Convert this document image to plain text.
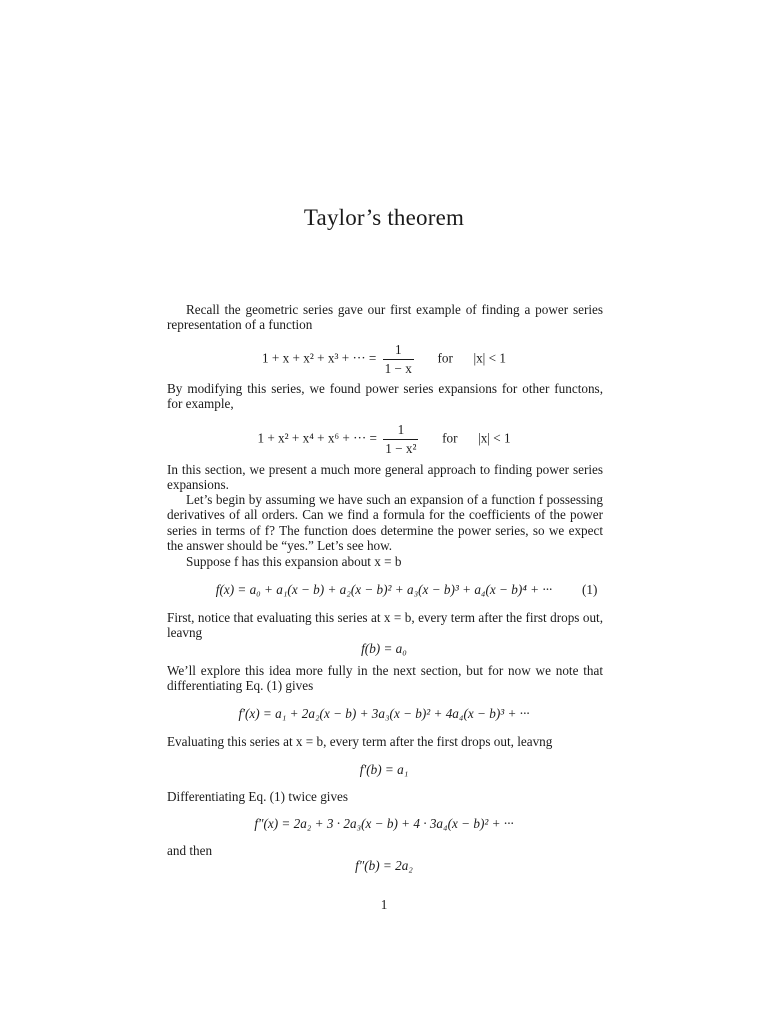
Taylor’s theorem
Recall the geometric series gave our first example of finding a power series representation of a function
1 + x + x² + x³ + ··· = $\frac{1}{1 - x}$ for |x| < 1
By modifying this series, we found power series expansions for other functons, for example,
1 + x² + x⁴ + x⁶ + ··· = $\frac{1}{\text{1 − x²}}$ for |x| < 1
In this section, we present a much more general approach to finding power series expansions.
Let’s begin by assuming we have such an expansion of a function f possessing derivatives of all orders. Can we find a formula for the coefficients of the power series in terms of f? The function does determine the power series, so we expect the answer should be “yes.” Let’s see how.
Suppose f has this expansion about x = b
f(x) = a₀ + a₁(x − b) + a₂(x − b)² + a₃(x − b)³ + a₄(x − b)⁴ + ···	(1)
First, notice that evaluating this series at x = b, every term after the first drops out, leavng
f(b) = a₀
We’ll explore this idea more fully in the next section, but for now we note that differentiating Eq. (1) gives
f′(x) = a₁ + 2a₂(x − b) + 3a₃(x − b)² + 4a₄(x − b)³ + ···
Evaluating this series at x = b, every term after the first drops out, leavng
f′(b) = a₁
Differentiating Eq. (1) twice gives
f″(x) = 2a₂ + 3 · 2a₃(x − b) + 4 · 3a₄(x − b)² + ···
and then
f″(b) = 2a₂
1
